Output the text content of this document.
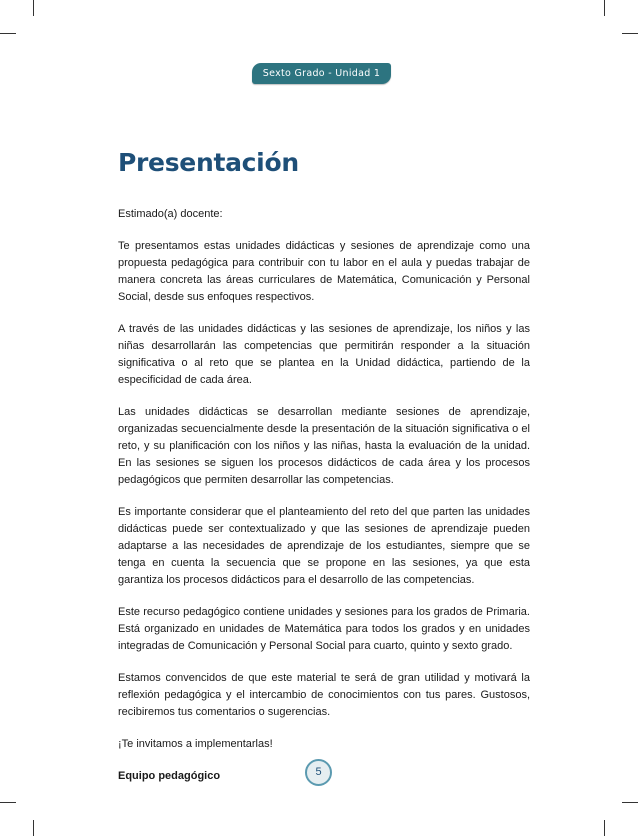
Sexto Grado - Unidad 1
Presentación

Estimado(a) docente:

Te presentamos estas unidades didácticas y sesiones de aprendizaje como una propuesta pedagógica para contribuir con tu labor en el aula y puedas trabajar de manera concreta las áreas curriculares de Matemática, Comunicación y Personal Social, desde sus enfoques respectivos.

A través de las unidades didácticas y las sesiones de aprendizaje, los niños y las niñas desarrollarán las competencias que permitirán responder a la situación significativa o al reto que se plantea en la Unidad didáctica, partiendo de la especificidad de cada área.

Las unidades didácticas se desarrollan mediante sesiones de aprendizaje, organizadas secuencialmente desde la presentación de la situación significativa o el reto, y su planificación con los niños y las niñas, hasta la evaluación de la unidad. En las sesiones se siguen los procesos didácticos de cada área y los procesos pedagógicos que permiten desarrollar las competencias.

Es importante considerar que el planteamiento del reto del que parten las unidades didácticas puede ser contextualizado y que las sesiones de aprendizaje pueden adaptarse a las necesidades de aprendizaje de los estudiantes, siempre que se tenga en cuenta la secuencia que se propone en las sesiones, ya que esta garantiza los procesos didácticos para el desarrollo de las competencias.

Este recurso pedagógico contiene unidades y sesiones para los grados de Primaria. Está organizado en unidades de Matemática para todos los grados y en unidades integradas de Comunicación y Personal Social para cuarto, quinto y sexto grado.

Estamos convencidos de que este material te será de gran utilidad y motivará la reflexión pedagógica y el intercambio de conocimientos con tus pares. Gustosos, recibiremos tus comentarios o sugerencias.

¡Te invitamos a implementarlas!

Equipo pedagógico	5
